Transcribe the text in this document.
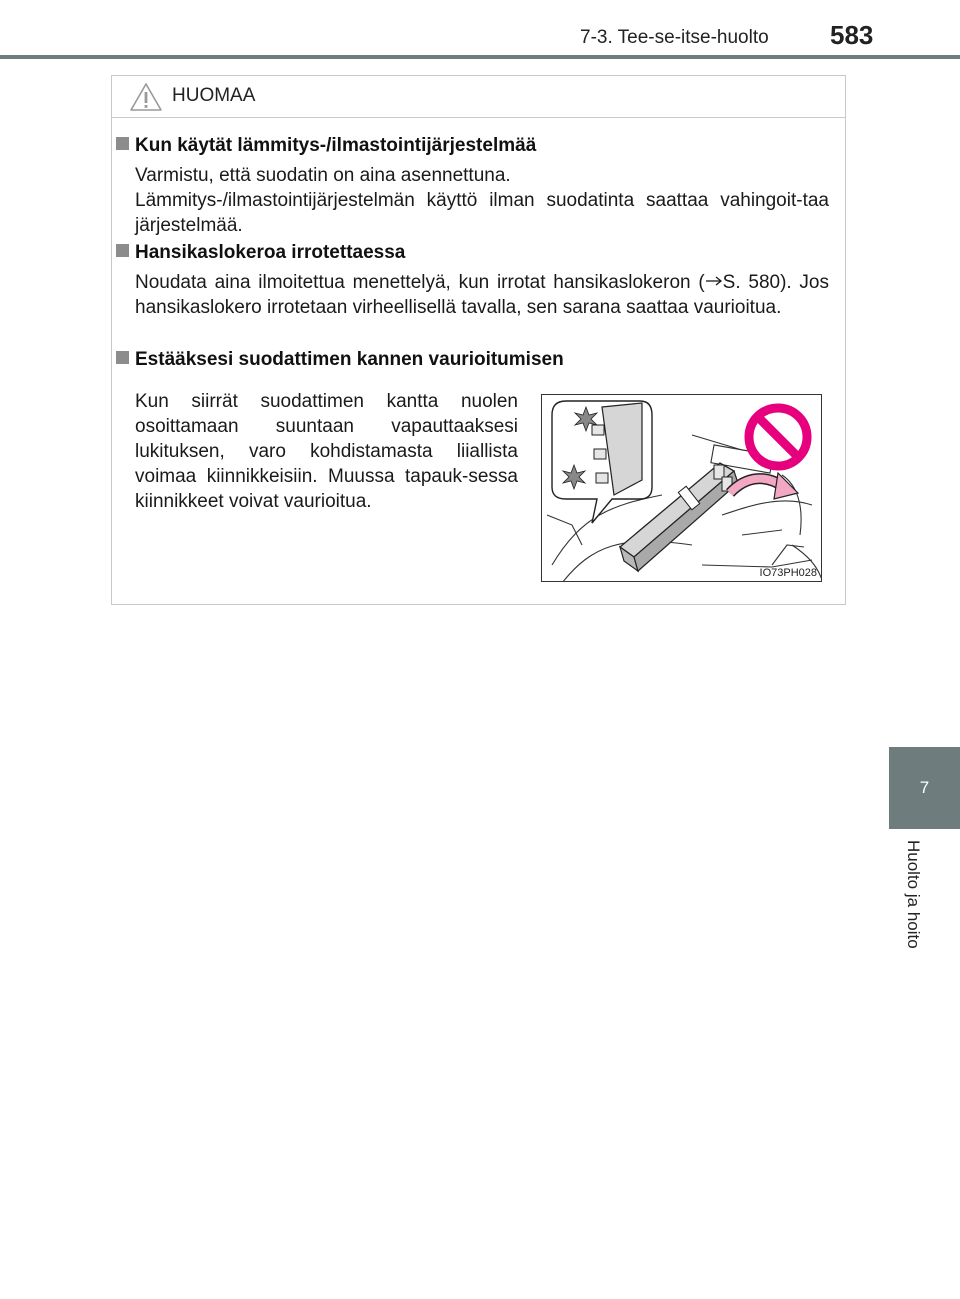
7-3. Tee-se-itse-huolto 583
7
Huolto ja hoito
HUOMAA
Kun käytät lämmitys-/ilmastointijärjestelmää
Varmistu, että suodatin on aina asennettuna.
Lämmitys-/ilmastointijärjestelmän käyttö ilman suodatinta saattaa vahingoit-taa järjestelmää.
Hansikaslokeroa irrotettaessa
Noudata aina ilmoitettua menettelyä, kun irrotat hansikaslokeron ( S. 580). Jos hansikaslokero irrotetaan virheellisellä tavalla, sen sarana saattaa vaurioitua.
Estääksesi suodattimen kannen vaurioitumisen
Kun siirrät suodattimen kantta nuolen osoittamaan suuntaan vapauttaaksesi lukituksen, varo kohdistamasta liiallista voimaa kiinnikkeisiin. Muussa tapauk-sessa kiinnikkeet voivat vaurioitua.
IO73PH028
